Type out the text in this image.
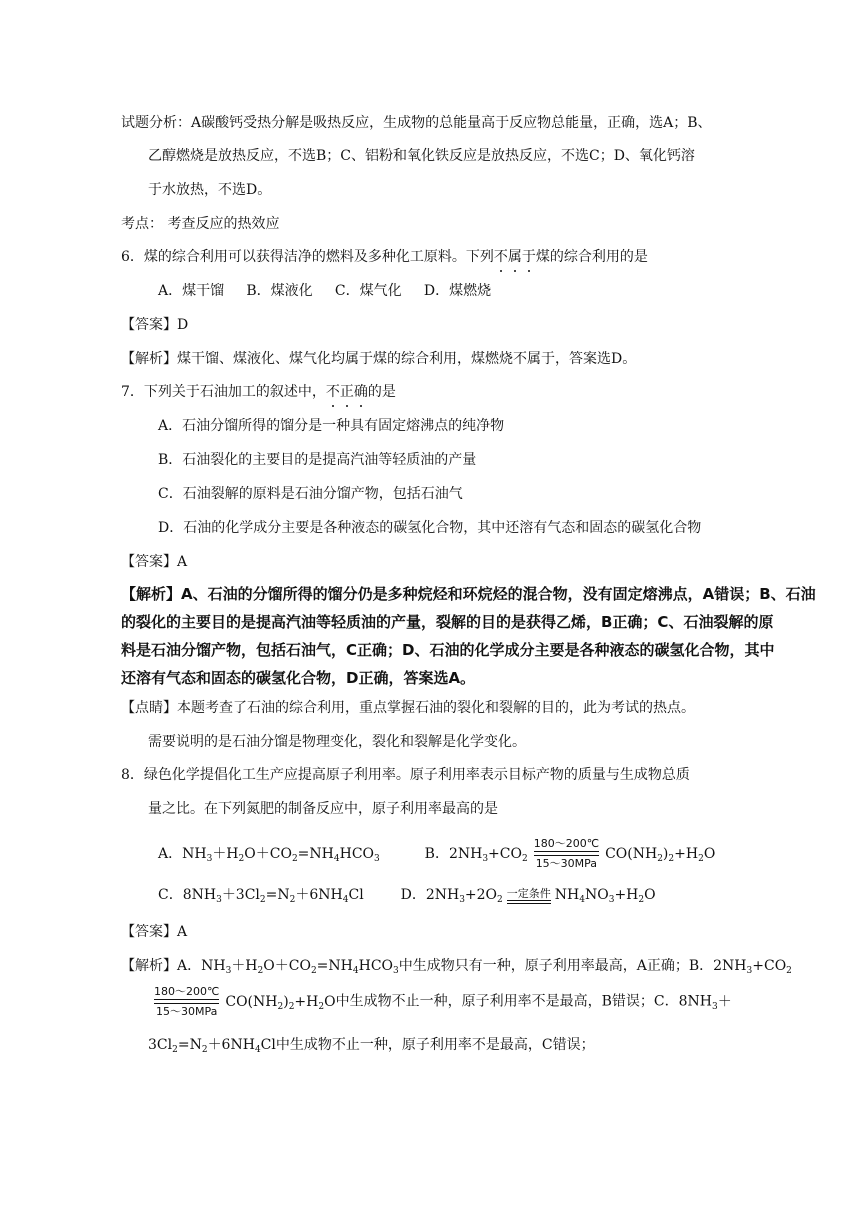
试题分析：A碳酸钙受热分解是吸热反应，生成物的总能量高于反应物总能量，正确，选A；B、
乙醇燃烧是放热反应，不选B；C、铝粉和氧化铁反应是放热反应，不选C；D、氧化钙溶
于水放热，不选D。
考点： 考查反应的热效应
6．煤的综合利用可以获得洁净的燃料及多种化工原料。下列不属于煤的综合利用的是
A．煤干馏     B．煤液化     C．煤气化     D．煤燃烧
【答案】D
【解析】煤干馏、煤液化、煤气化均属于煤的综合利用，煤燃烧不属于，答案选D。
7．下列关于石油加工的叙述中，不正确的是
A．石油分馏所得的馏分是一种具有固定熔沸点的纯净物
B．石油裂化的主要目的是提高汽油等轻质油的产量
C．石油裂解的原料是石油分馏产物，包括石油气
D．石油的化学成分主要是各种液态的碳氢化合物，其中还溶有气态和固态的碳氢化合物
【答案】A
【解析】A、石油的分馏所得的馏分仍是多种烷烃和环烷烃的混合物，没有固定熔沸点，A错误；B、石油
的裂化的主要目的是提高汽油等轻质油的产量，裂解的目的是获得乙烯，B正确；C、石油裂解的原
料是石油分馏产物，包括石油气，C正确；D、石油的化学成分主要是各种液态的碳氢化合物，其中
还溶有气态和固态的碳氢化合物，D正确，答案选A。
【点睛】本题考查了石油的综合利用，重点掌握石油的裂化和裂解的目的，此为考试的热点。
需要说明的是石油分馏是物理变化，裂化和裂解是化学变化。
8．绿色化学提倡化工生产应提高原子利用率。原子利用率表示目标产物的质量与生成物总质
量之比。在下列氮肥的制备反应中，原子利用率最高的是
A．$NH_3+H_2O+CO_2=NH_4HCO_3$	B．$2NH_3+CO_2$
180～200℃
15～30MPa
$CO(NH_2)_2+H_2O$
C．$8NH_3+3Cl_2=N_2+6NH_4Cl$	D．$2NH_3+2O_2$ 一定条件 $NH_4NO_3+H_2O$
【答案】A
【解析】A．$NH_3+H_2O+CO_2=NH_4HCO_3$中生成物只有一种，原子利用率最高，A正确；B．$2NH_3+CO_2$
180～200℃
15～30MPa
$CO(NH_2)_2+H_2O$中生成物不止一种，原子利用率不是最高，B错误；C．$8NH_3+$
$3Cl_2=N_2+6NH_4Cl$中生成物不止一种，原子利用率不是最高，C错误；
